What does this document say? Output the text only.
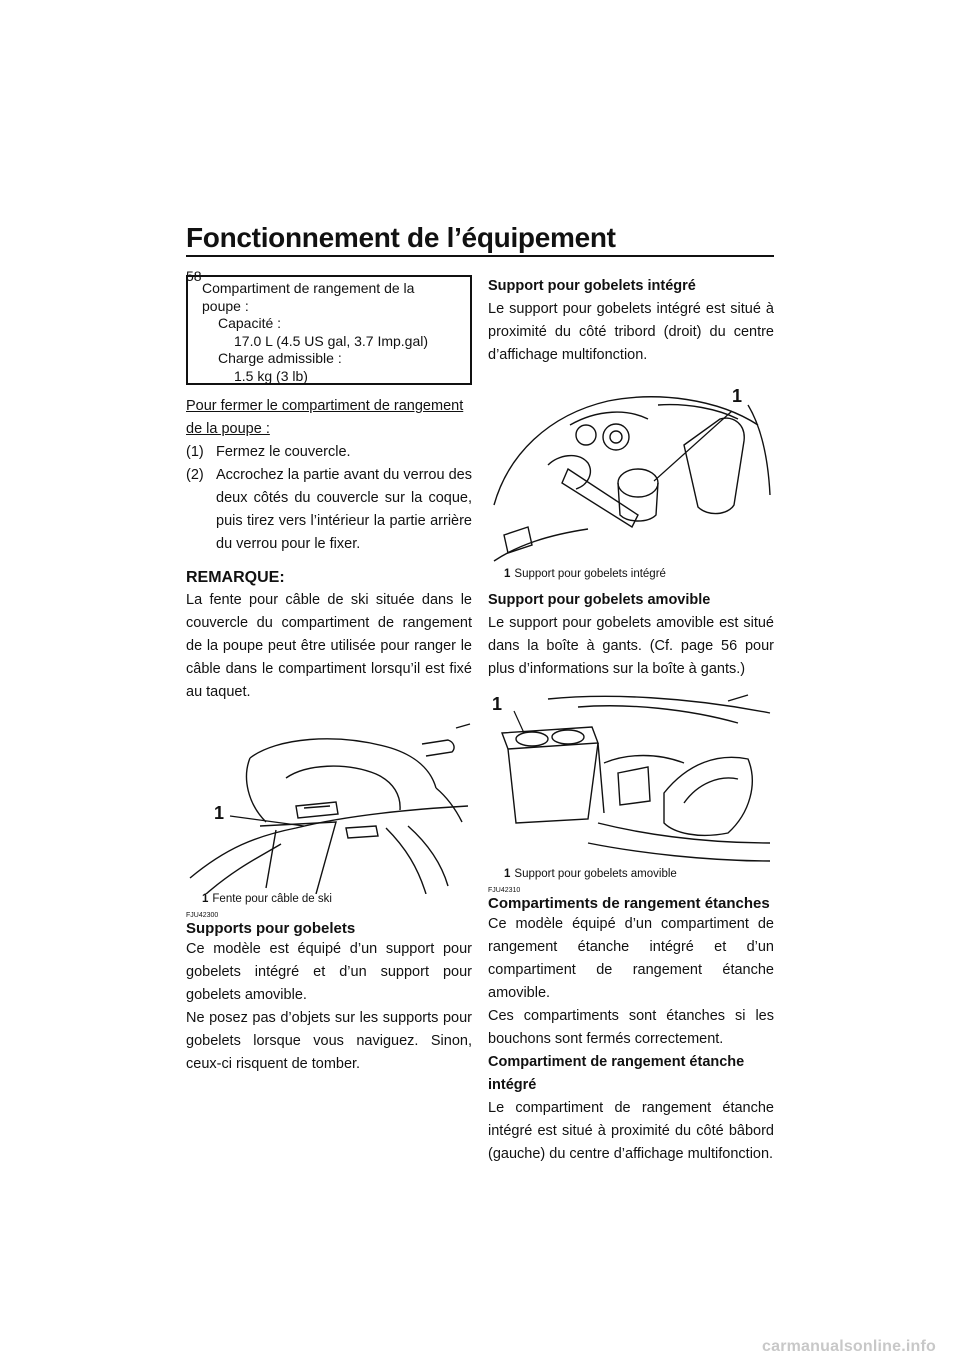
Fonctionnement de l’équipement
58
Compartiment de rangement de la
poupe :
Capacité :
17.0 L (4.5 US gal, 3.7 Imp.gal)
Charge admissible :
1.5 kg (3 lb)
Pour fermer le compartiment de rangement de la poupe :
(1) Fermez le couvercle.
(2) Accrochez la partie avant du verrou des deux côtés du couvercle sur la coque, puis tirez vers l’intérieur la partie arrière du verrou pour le fixer.
REMARQUE:
La fente pour câble de ski située dans le couvercle du compartiment de rangement de la poupe peut être utilisée pour ranger le câble dans le compartiment lorsqu’il est fixé au taquet.
1
1 Fente pour câble de ski
FJU42300
Supports pour gobelets
Ce modèle est équipé d’un support pour gobelets intégré et d’un support pour gobelets amovible.
Ne posez pas d’objets sur les supports pour gobelets lorsque vous naviguez. Sinon, ceux-ci risquent de tomber.
Support pour gobelets intégré
Le support pour gobelets intégré est situé à proximité du côté tribord (droit) du centre d’affichage multifonction.
1
1 Support pour gobelets intégré
Support pour gobelets amovible
Le support pour gobelets amovible est situé dans la boîte à gants. (Cf. page 56 pour plus d’informations sur la boîte à gants.)
1
1 Support pour gobelets amovible
FJU42310
Compartiments de rangement étanches
Ce modèle équipé d’un compartiment de rangement étanche intégré et d’un compartiment de rangement étanche amovible.
Ces compartiments sont étanches si les bouchons sont fermés correctement.
Compartiment de rangement étanche intégré
Le compartiment de rangement étanche intégré est situé à proximité du côté bâbord (gauche) du centre d’affichage multifonction.
carmanualsonline.info
